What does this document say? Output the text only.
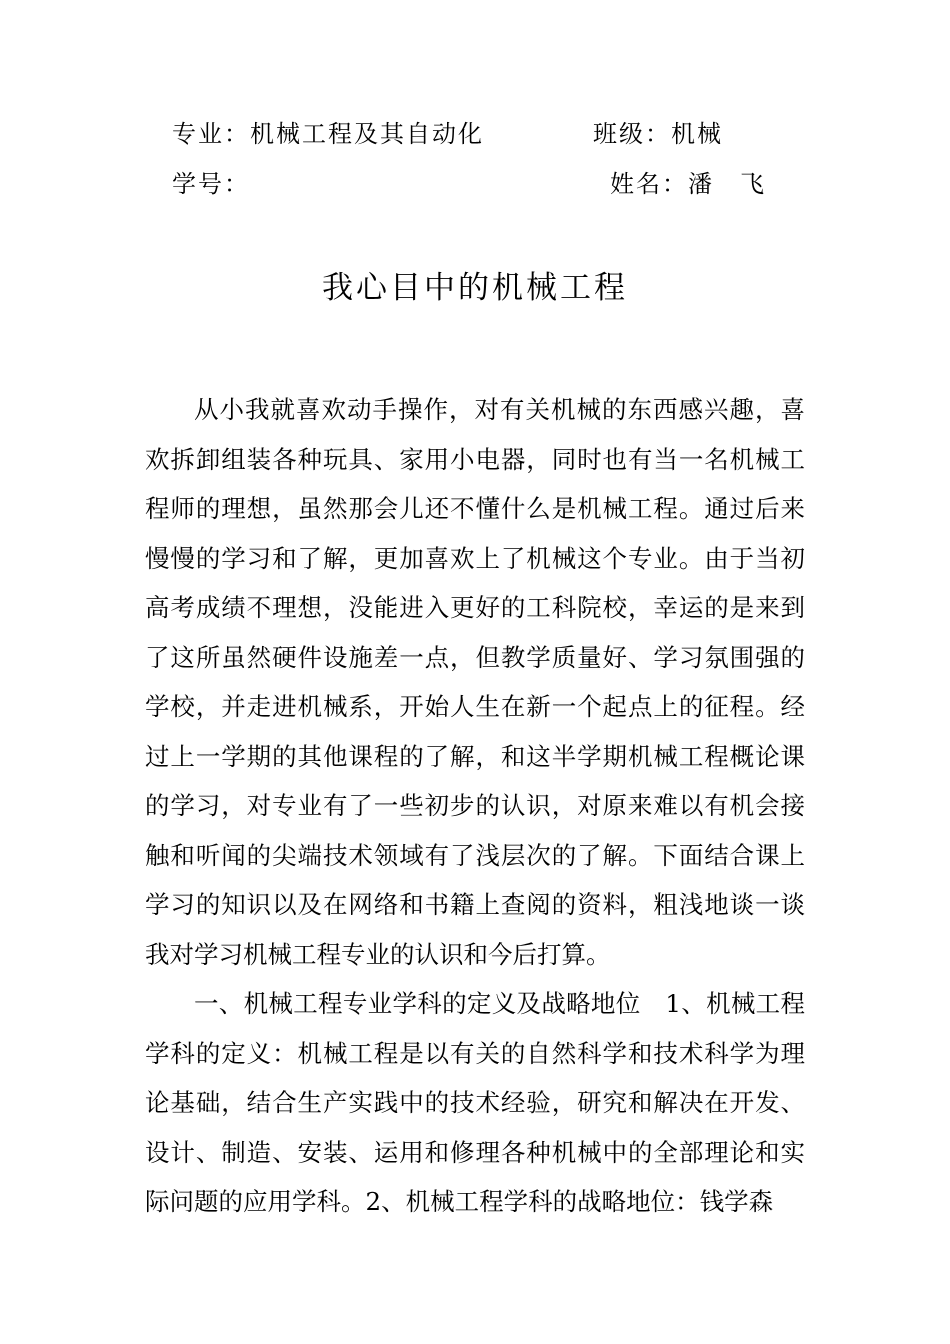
专业：机械工程及其自动化	班级：机械
学号：	姓名：潘　飞
我心目中的机械工程

从小我就喜欢动手操作，对有关机械的东西感兴趣，喜欢拆卸组装各种玩具、家用小电器，同时也有当一名机械工程师的理想，虽然那会儿还不懂什么是机械工程。通过后来慢慢的学习和了解，更加喜欢上了机械这个专业。由于当初高考成绩不理想，没能进入更好的工科院校，幸运的是来到了这所虽然硬件设施差一点，但教学质量好、学习氛围强的学校，并走进机械系，开始人生在新一个起点上的征程。经过上一学期的其他课程的了解，和这半学期机械工程概论课的学习，对专业有了一些初步的认识，对原来难以有机会接触和听闻的尖端技术领域有了浅层次的了解。下面结合课上学习的知识以及在网络和书籍上查阅的资料，粗浅地谈一谈我对学习机械工程专业的认识和今后打算。

一、机械工程专业学科的定义及战略地位　1、机械工程学科的定义：机械工程是以有关的自然科学和技术科学为理论基础，结合生产实践中的技术经验，研究和解决在开发、设计、制造、安装、运用和修理各种机械中的全部理论和实际问题的应用学科。2、机械工程学科的战略地位：钱学森
